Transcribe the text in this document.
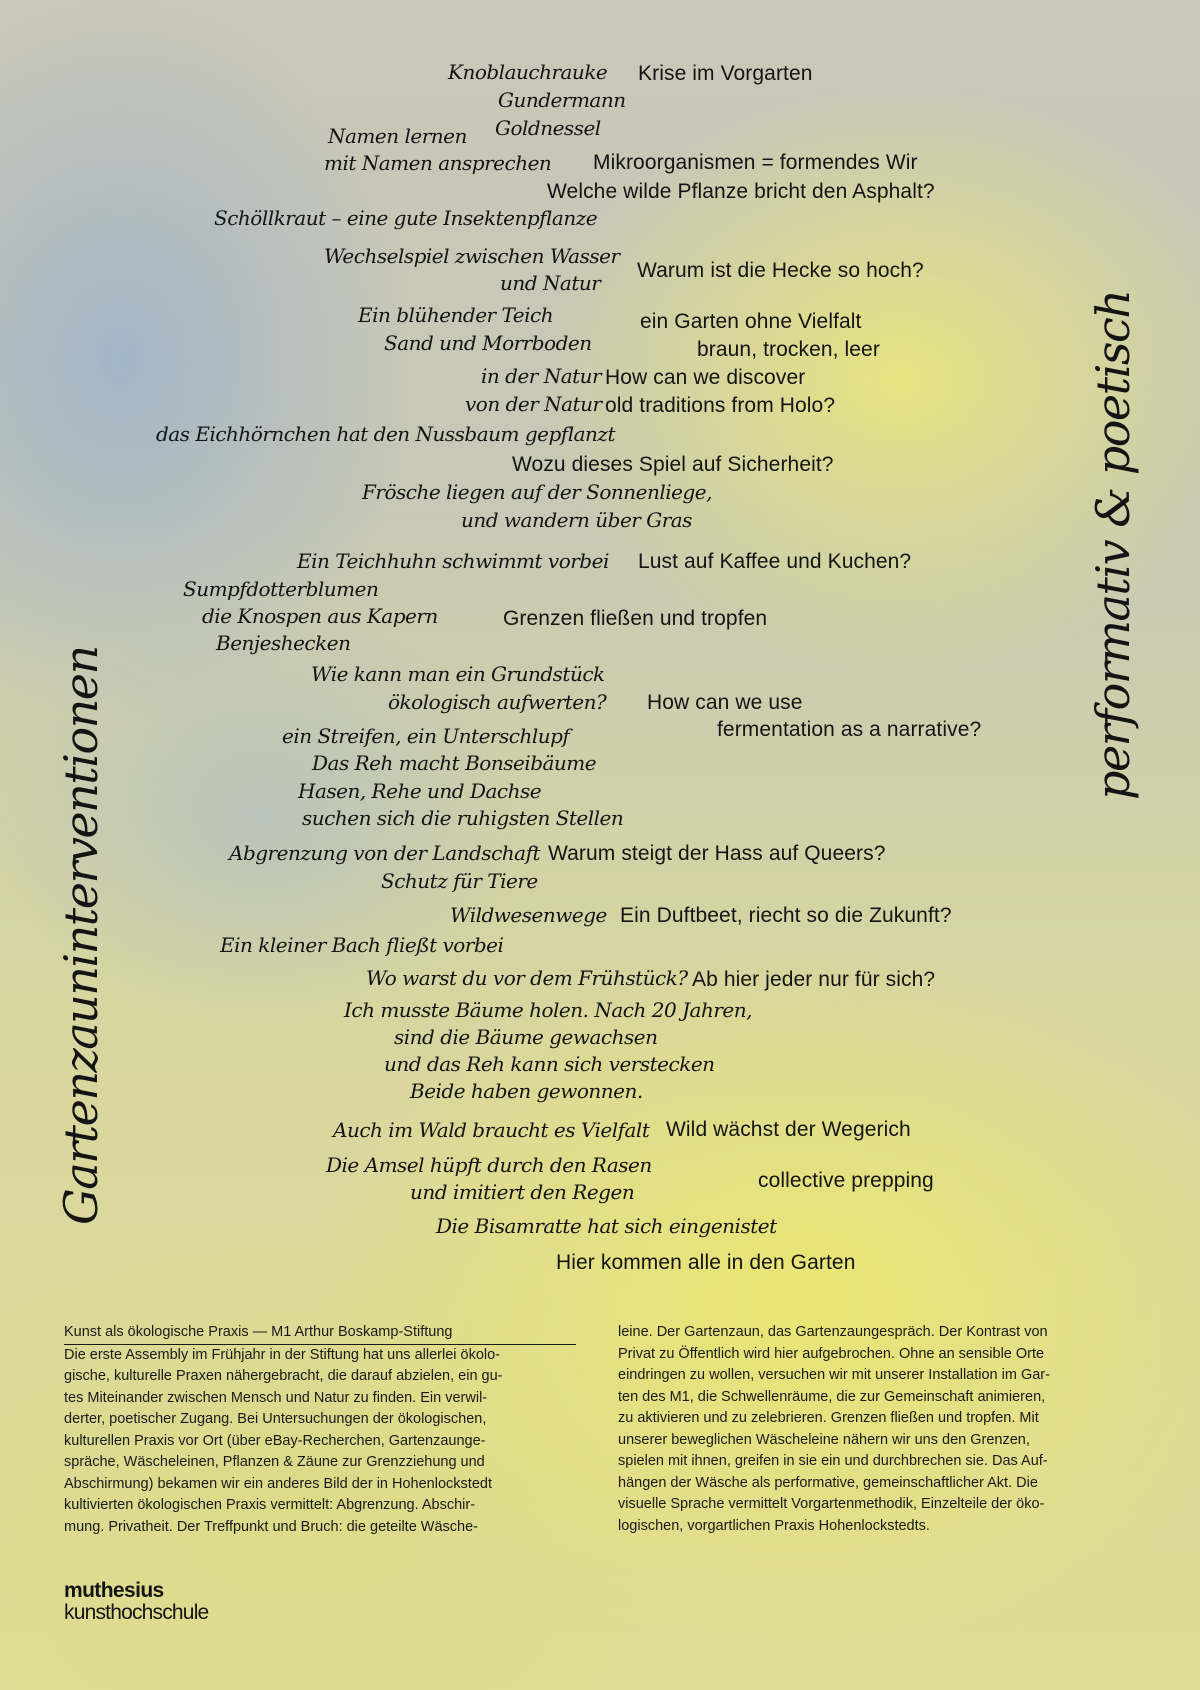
Gartenzauninterventionen
performativ & poetisch
Knoblauchrauke
Gundermann
Goldnessel
Namen lernen
mit Namen ansprechen
Schöllkraut – eine gute Insektenpflanze
Wechselspiel zwischen Wasser
und Natur
Ein blühender Teich
Sand und Morrboden
in der Natur
von der Natur
das Eichhörnchen hat den Nussbaum gepflanzt
Frösche liegen auf der Sonnenliege,
und wandern über Gras
Ein Teichhuhn schwimmt vorbei
Sumpfdotterblumen
die Knospen aus Kapern
Benjeshecken
Wie kann man ein Grundstück
ökologisch aufwerten?
ein Streifen, ein Unterschlupf
Das Reh macht Bonseibäume
Hasen, Rehe und Dachse
suchen sich die ruhigsten Stellen
Abgrenzung von der Landschaft
Schutz für Tiere
Wildwesenwege
Ein kleiner Bach fließt vorbei
Wo warst du vor dem Frühstück?
Ich musste Bäume holen. Nach 20 Jahren,
sind die Bäume gewachsen
und das Reh kann sich verstecken
Beide haben gewonnen.
Auch im Wald braucht es Vielfalt
Die Amsel hüpft durch den Rasen
und imitiert den Regen
Die Bisamratte hat sich eingenistet
Krise im Vorgarten
Mikroorganismen = formendes Wir
Welche wilde Pflanze bricht den Asphalt?
Warum ist die Hecke so hoch?
ein Garten ohne Vielfalt
braun, trocken, leer
How can we discover
old traditions from Holo?
Wozu dieses Spiel auf Sicherheit?
Lust auf Kaffee und Kuchen?
Grenzen fließen und tropfen
How can we use
fermentation as a narrative?
Warum steigt der Hass auf Queers?
Ein Duftbeet, riecht so die Zukunft?
Ab hier jeder nur für sich?
Wild wächst der Wegerich
collective prepping
Hier kommen alle in den Garten
Kunst als ökologische Praxis — M1 Arthur Boskamp-Stiftung
Die erste Assembly im Frühjahr in der Stiftung hat uns allerlei ökolo-
gische, kulturelle Praxen nähergebracht, die darauf abzielen, ein gu-
tes Miteinander zwischen Mensch und Natur zu finden. Ein verwil-
derter, poetischer Zugang. Bei Untersuchungen der ökologischen,
kulturellen Praxis vor Ort (über eBay-Recherchen, Gartenzaunge-
spräche, Wäscheleinen, Pflanzen & Zäune zur Grenzziehung und
Abschirmung) bekamen wir ein anderes Bild der in Hohenlockstedt
kultivierten ökologischen Praxis vermittelt: Abgrenzung. Abschir-
mung. Privatheit. Der Treffpunkt und Bruch: die geteilte Wäsche-
leine. Der Gartenzaun, das Gartenzaungespräch. Der Kontrast von
Privat zu Öffentlich wird hier aufgebrochen. Ohne an sensible Orte
eindringen zu wollen, versuchen wir mit unserer Installation im Gar-
ten des M1, die Schwellenräume, die zur Gemeinschaft animieren,
zu aktivieren und zu zelebrieren. Grenzen fließen und tropfen. Mit
unserer beweglichen Wäscheleine nähern wir uns den Grenzen,
spielen mit ihnen, greifen in sie ein und durchbrechen sie. Das Auf-
hängen der Wäsche als performative, gemeinschaftlicher Akt. Die
visuelle Sprache vermittelt Vorgartenmethodik, Einzelteile der öko-
logischen, vorgartlichen Praxis Hohenlockstedts.
muthesius
kunsthochschule
